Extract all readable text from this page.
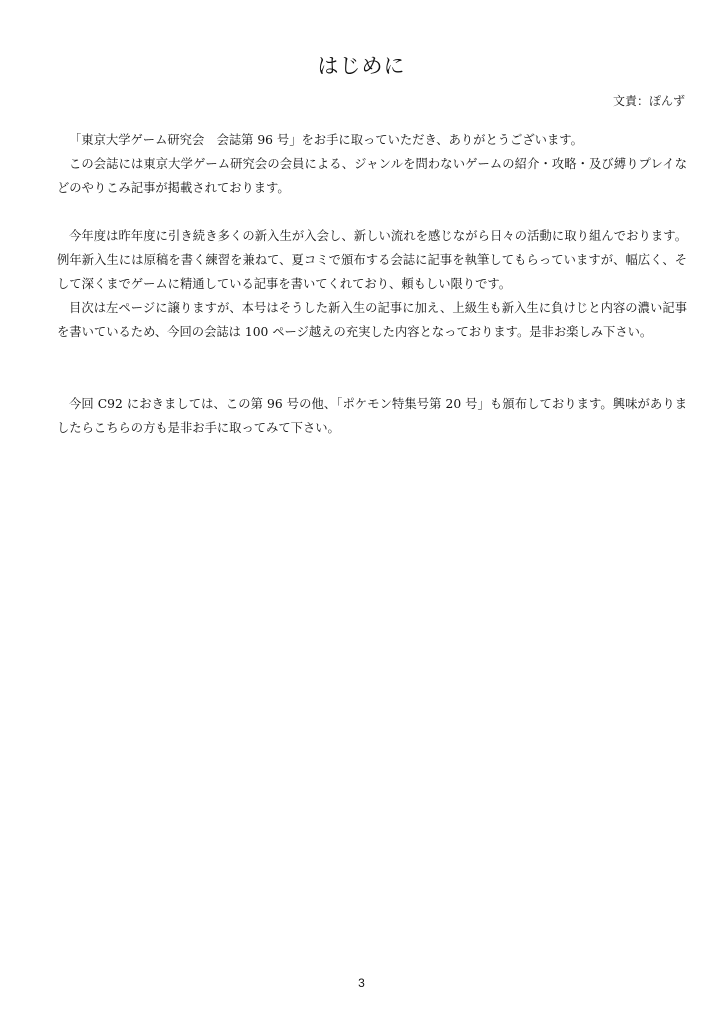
はじめに

文責：ぽんず

「東京大学ゲーム研究会　会誌第 96 号」をお手に取っていただき、ありがとうございます。

この会誌には東京大学ゲーム研究会の会員による、ジャンルを問わないゲームの紹介・攻略・及び縛りプレイなどのやりこみ記事が掲載されております。

今年度は昨年度に引き続き多くの新入生が入会し、新しい流れを感じながら日々の活動に取り組んでおります。例年新入生には原稿を書く練習を兼ねて、夏コミで頒布する会誌に記事を執筆してもらっていますが、幅広く、そして深くまでゲームに精通している記事を書いてくれており、頼もしい限りです。

目次は左ページに譲りますが、本号はそうした新入生の記事に加え、上級生も新入生に負けじと内容の濃い記事を書いているため、今回の会誌は 100 ページ越えの充実した内容となっております。是非お楽しみ下さい。

今回 C92 におきましては、この第 96 号の他、「ポケモン特集号第 20 号」も頒布しております。興味がありましたらこちらの方も是非お手に取ってみて下さい。

3
